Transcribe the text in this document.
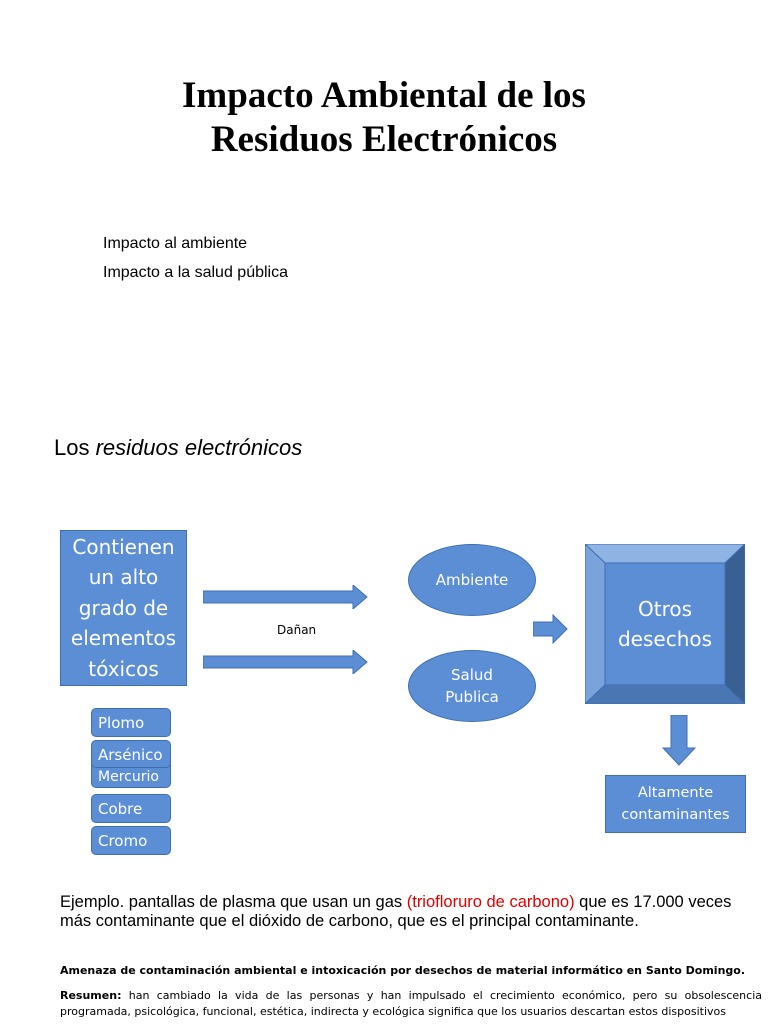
Impacto Ambiental de los
Residuos Electrónicos
Impacto al ambiente
Impacto a la salud pública
Los residuos electrónicos
Contienen un alto grado de elementos tóxicos
Dañan
Ambiente
Salud Publica
Otros desechos
Altamente contaminantes
Plomo
Mercurio
Arsénico
Cobre
Cromo
Ejemplo. pantallas de plasma que usan un gas (triofloruro de carbono) que es 17.000 veces más contaminante que el dióxido de carbono, que es el principal contaminante.
Amenaza de contaminación ambiental e intoxicación por desechos de material informático en Santo Domingo.
Resumen: han cambiado la vida de las personas y han impulsado el crecimiento económico, pero su obsolescencia programada, psicológica, funcional, estética, indirecta y ecológica significa que los usuarios descartan estos dispositivos
